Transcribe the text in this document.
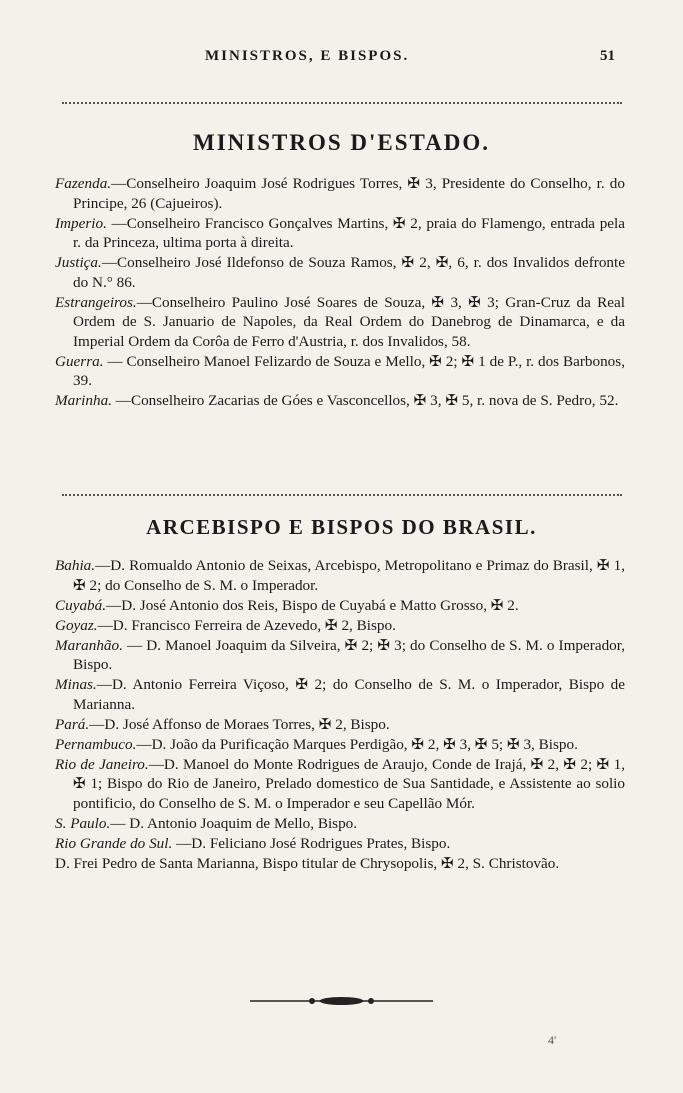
MINISTROS, E BISPOS.	51
MINISTROS D'ESTADO.

Fazenda.—Conselheiro Joaquim José Rodrigues Torres, ✠ 3, Presidente do Conselho, r. do Principe, 26 (Cajueiros).

Imperio. —Conselheiro Francisco Gonçalves Martins, ✠ 2, praia do Flamengo, entrada pela r. da Princeza, ultima porta à direita.

Justiça.—Conselheiro José Ildefonso de Souza Ramos, ✠ 2, ✠, 6, r. dos Invalidos defronte do N.° 86.

Estrangeiros.—Conselheiro Paulino José Soares de Souza, ✠ 3, ✠ 3; Gran-Cruz da Real Ordem de S. Januario de Napoles, da Real Ordem do Danebrog de Dinamarca, e da Imperial Ordem da Corôa de Ferro d'Austria, r. dos Invalidos, 58.

Guerra. — Conselheiro Manoel Felizardo de Souza e Mello, ✠ 2; ✠ 1 de P., r. dos Barbonos, 39.

Marinha. —Conselheiro Zacarias de Góes e Vasconcellos, ✠ 3, ✠ 5, r. nova de S. Pedro, 52.

ARCEBISPO E BISPOS DO BRASIL.

Bahia.—D. Romualdo Antonio de Seixas, Arcebispo, Metropolitano e Primaz do Brasil, ✠ 1, ✠ 2; do Conselho de S. M. o Imperador.

Cuyabá.—D. José Antonio dos Reis, Bispo de Cuyabá e Matto Grosso, ✠ 2.

Goyaz.—D. Francisco Ferreira de Azevedo, ✠ 2, Bispo.

Maranhão. — D. Manoel Joaquim da Silveira, ✠ 2; ✠ 3; do Conselho de S. M. o Imperador, Bispo.

Minas.—D. Antonio Ferreira Viçoso, ✠ 2; do Conselho de S. M. o Imperador, Bispo de Marianna.

Pará.—D. José Affonso de Moraes Torres, ✠ 2, Bispo.

Pernambuco.—D. João da Purificação Marques Perdigão, ✠ 2, ✠ 3, ✠ 5; ✠ 3, Bispo.

Rio de Janeiro.—D. Manoel do Monte Rodrigues de Araujo, Conde de Irajá, ✠ 2, ✠ 2; ✠ 1, ✠ 1; Bispo do Rio de Janeiro, Prelado domestico de Sua Santidade, e Assistente ao solio pontificio, do Conselho de S. M. o Imperador e seu Capellão Mór.

S. Paulo.— D. Antonio Joaquim de Mello, Bispo.

Rio Grande do Sul. —D. Feliciano José Rodrigues Prates, Bispo.

D. Frei Pedro de Santa Marianna, Bispo titular de Chrysopolis, ✠ 2, S. Christovão.

4'
